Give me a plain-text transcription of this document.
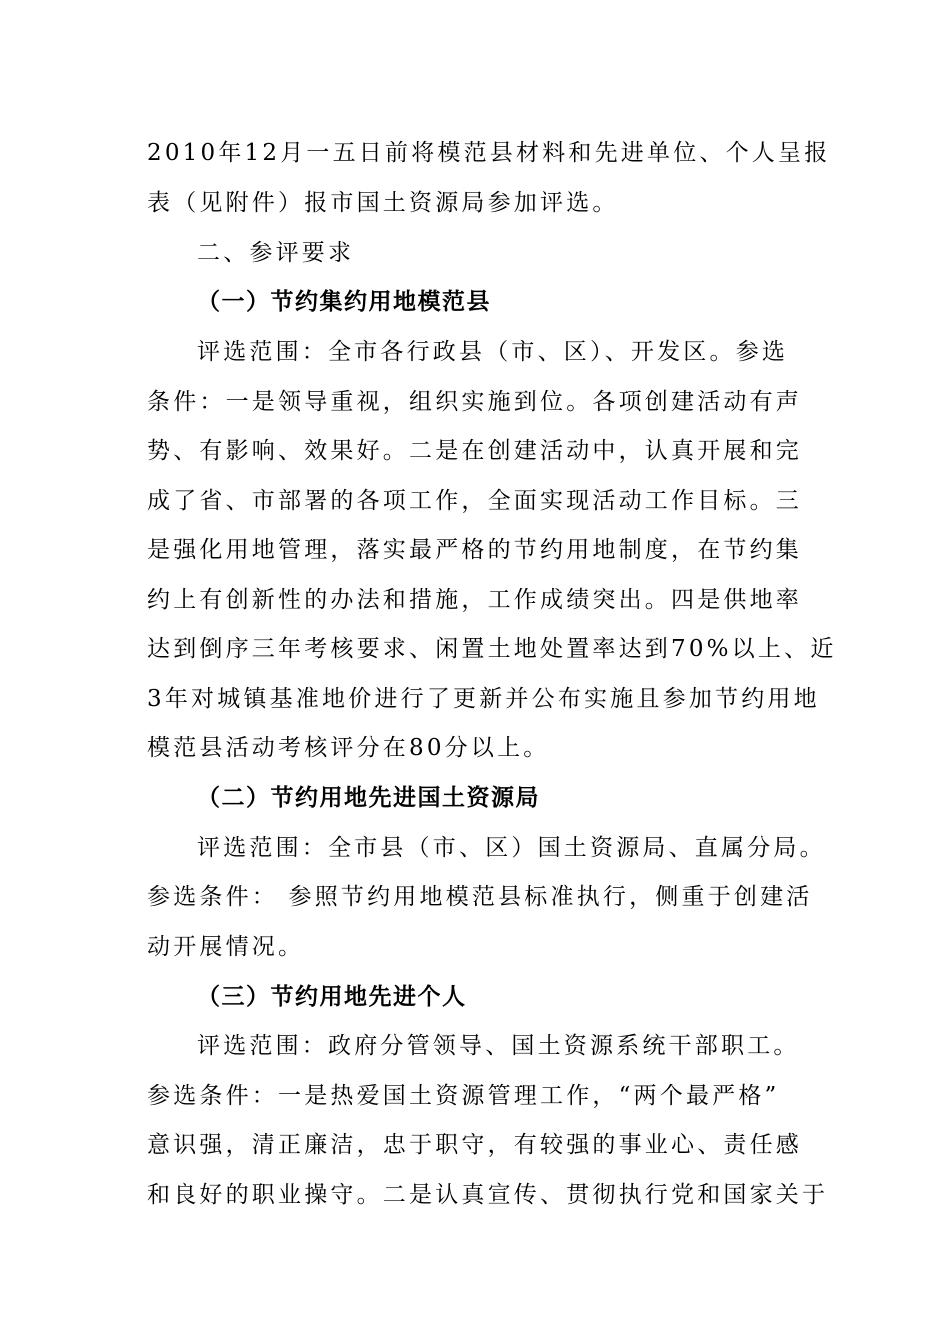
2010年12月一五日前将模范县材料和先进单位、个人呈报
表（见附件）报市国土资源局参加评选。
二、参评要求
（一）节约集约用地模范县
评选范围：全市各行政县（市、区）、开发区。参选
条件：一是领导重视，组织实施到位。各项创建活动有声
势、有影响、效果好。二是在创建活动中，认真开展和完
成了省、市部署的各项工作，全面实现活动工作目标。三
是强化用地管理，落实最严格的节约用地制度，在节约集
约上有创新性的办法和措施，工作成绩突出。四是供地率
达到倒序三年考核要求、闲置土地处置率达到70%以上、近
3年对城镇基准地价进行了更新并公布实施且参加节约用地
模范县活动考核评分在80分以上。
（二）节约用地先进国土资源局
评选范围：全市县（市、区）国土资源局、直属分局。
参选条件： 参照节约用地模范县标准执行，侧重于创建活
动开展情况。
（三）节约用地先进个人
评选范围：政府分管领导、国土资源系统干部职工。
参选条件：一是热爱国土资源管理工作，“两个最严格”
意识强，清正廉洁，忠于职守，有较强的事业心、责任感
和良好的职业操守。二是认真宣传、贯彻执行党和国家关于
